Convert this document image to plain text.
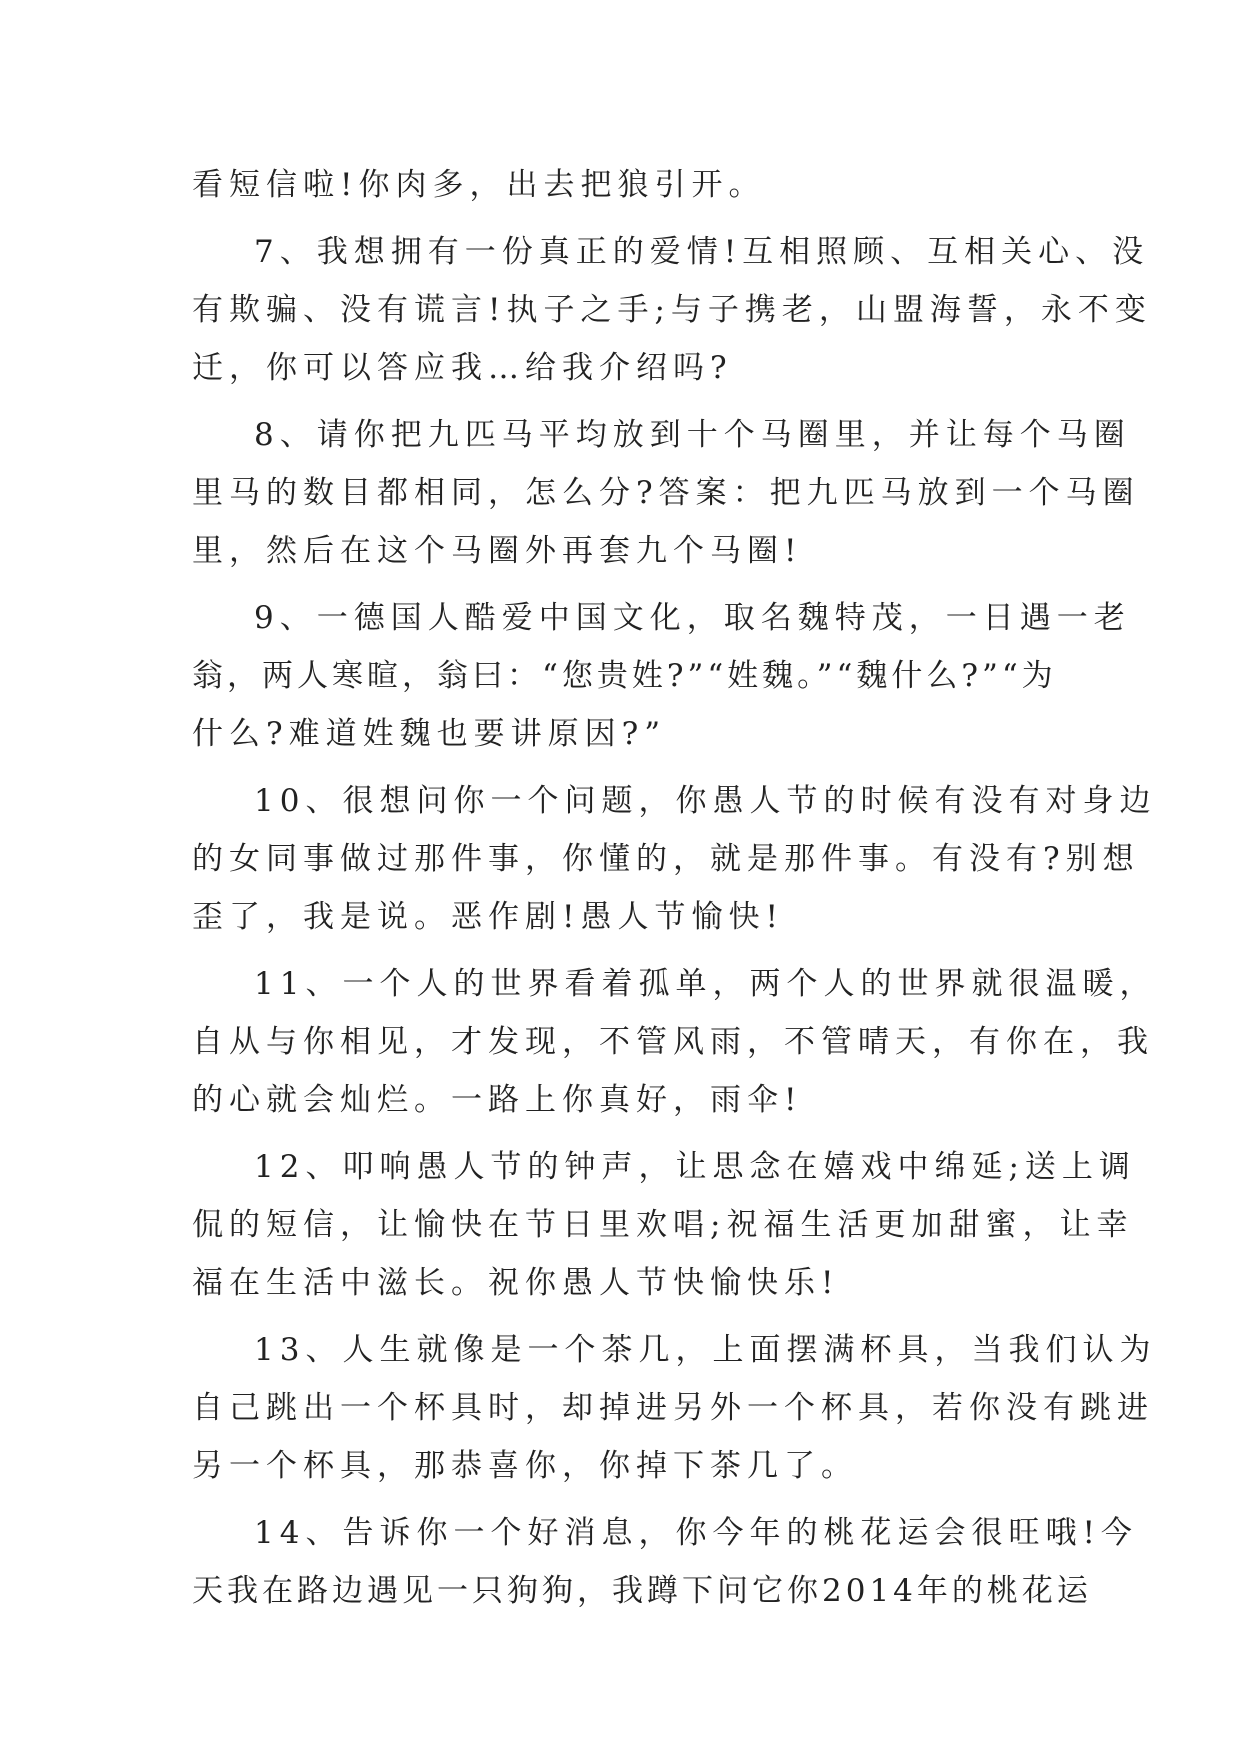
看短信啦!你肉多，出去把狼引开。
7、我想拥有一份真正的爱情!互相照顾、互相关心、没
有欺骗、没有谎言!执子之手;与子携老，山盟海誓，永不变
迁，你可以答应我…给我介绍吗?
8、请你把九匹马平均放到十个马圈里，并让每个马圈
里马的数目都相同，怎么分?答案：把九匹马放到一个马圈
里，然后在这个马圈外再套九个马圈!
9、一德国人酷爱中国文化，取名魏特茂，一日遇一老
翁，两人寒暄，翁曰：“您贵姓?”“姓魏。”“魏什么?”“为
什么?难道姓魏也要讲原因?”
10、很想问你一个问题，你愚人节的时候有没有对身边
的女同事做过那件事，你懂的，就是那件事。有没有?别想
歪了，我是说。恶作剧!愚人节愉快!
11、一个人的世界看着孤单，两个人的世界就很温暖，
自从与你相见，才发现，不管风雨，不管晴天，有你在，我
的心就会灿烂。一路上你真好，雨伞!
12、叩响愚人节的钟声，让思念在嬉戏中绵延;送上调
侃的短信，让愉快在节日里欢唱;祝福生活更加甜蜜，让幸
福在生活中滋长。祝你愚人节快愉快乐!
13、人生就像是一个茶几，上面摆满杯具，当我们认为
自己跳出一个杯具时，却掉进另外一个杯具，若你没有跳进
另一个杯具，那恭喜你，你掉下茶几了。
14、告诉你一个好消息，你今年的桃花运会很旺哦!今
天我在路边遇见一只狗狗，我蹲下问它你2014年的桃花运
